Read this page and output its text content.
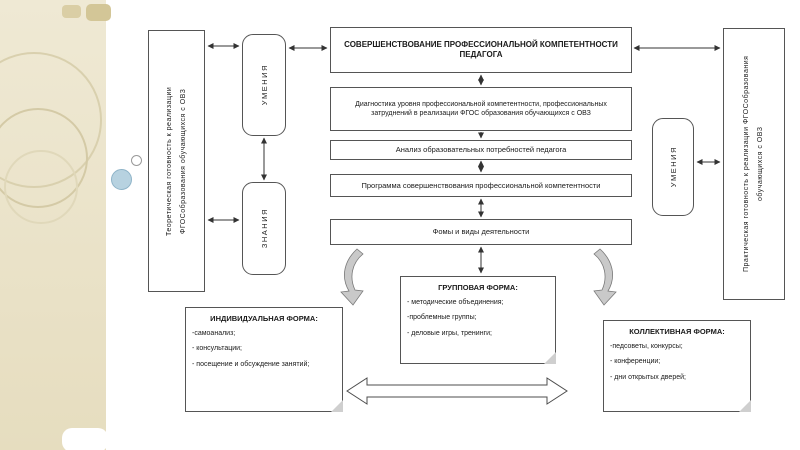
Теоретическая готовность к реализации ФГОСобразования обучающихся с ОВЗ
УМЕНИЯ
ЗНАНИЯ
СОВЕРШЕНСТВОВАНИЕ ПРОФЕССИОНАЛЬНОЙ КОМПЕТЕНТНОСТИ ПЕДАГОГА
Диагностика уровня профессиональной компетентности, профессиональных затруднений в реализации ФГОС образования обучающихся с ОВЗ
Анализ образовательных потребностей педагога
Программа совершенствования профессиональной компетентности
Фомы и виды деятельности
УМЕНИЯ	Практическая готовность к реализации ФГОСобразования обучающихся с ОВЗ
ИНДИВИДУАЛЬНАЯ ФОРМА:
-самоанализ;
- консультации;
- посещение и обсуждение занятий;
ГРУППОВАЯ ФОРМА:
- методические объединения;
-проблемные группы;
- деловые игры, тренинги;	КОЛЛЕКТИВНАЯ ФОРМА:
-педсоветы, конкурсы;
- конференции;
- дни открытых дверей;
